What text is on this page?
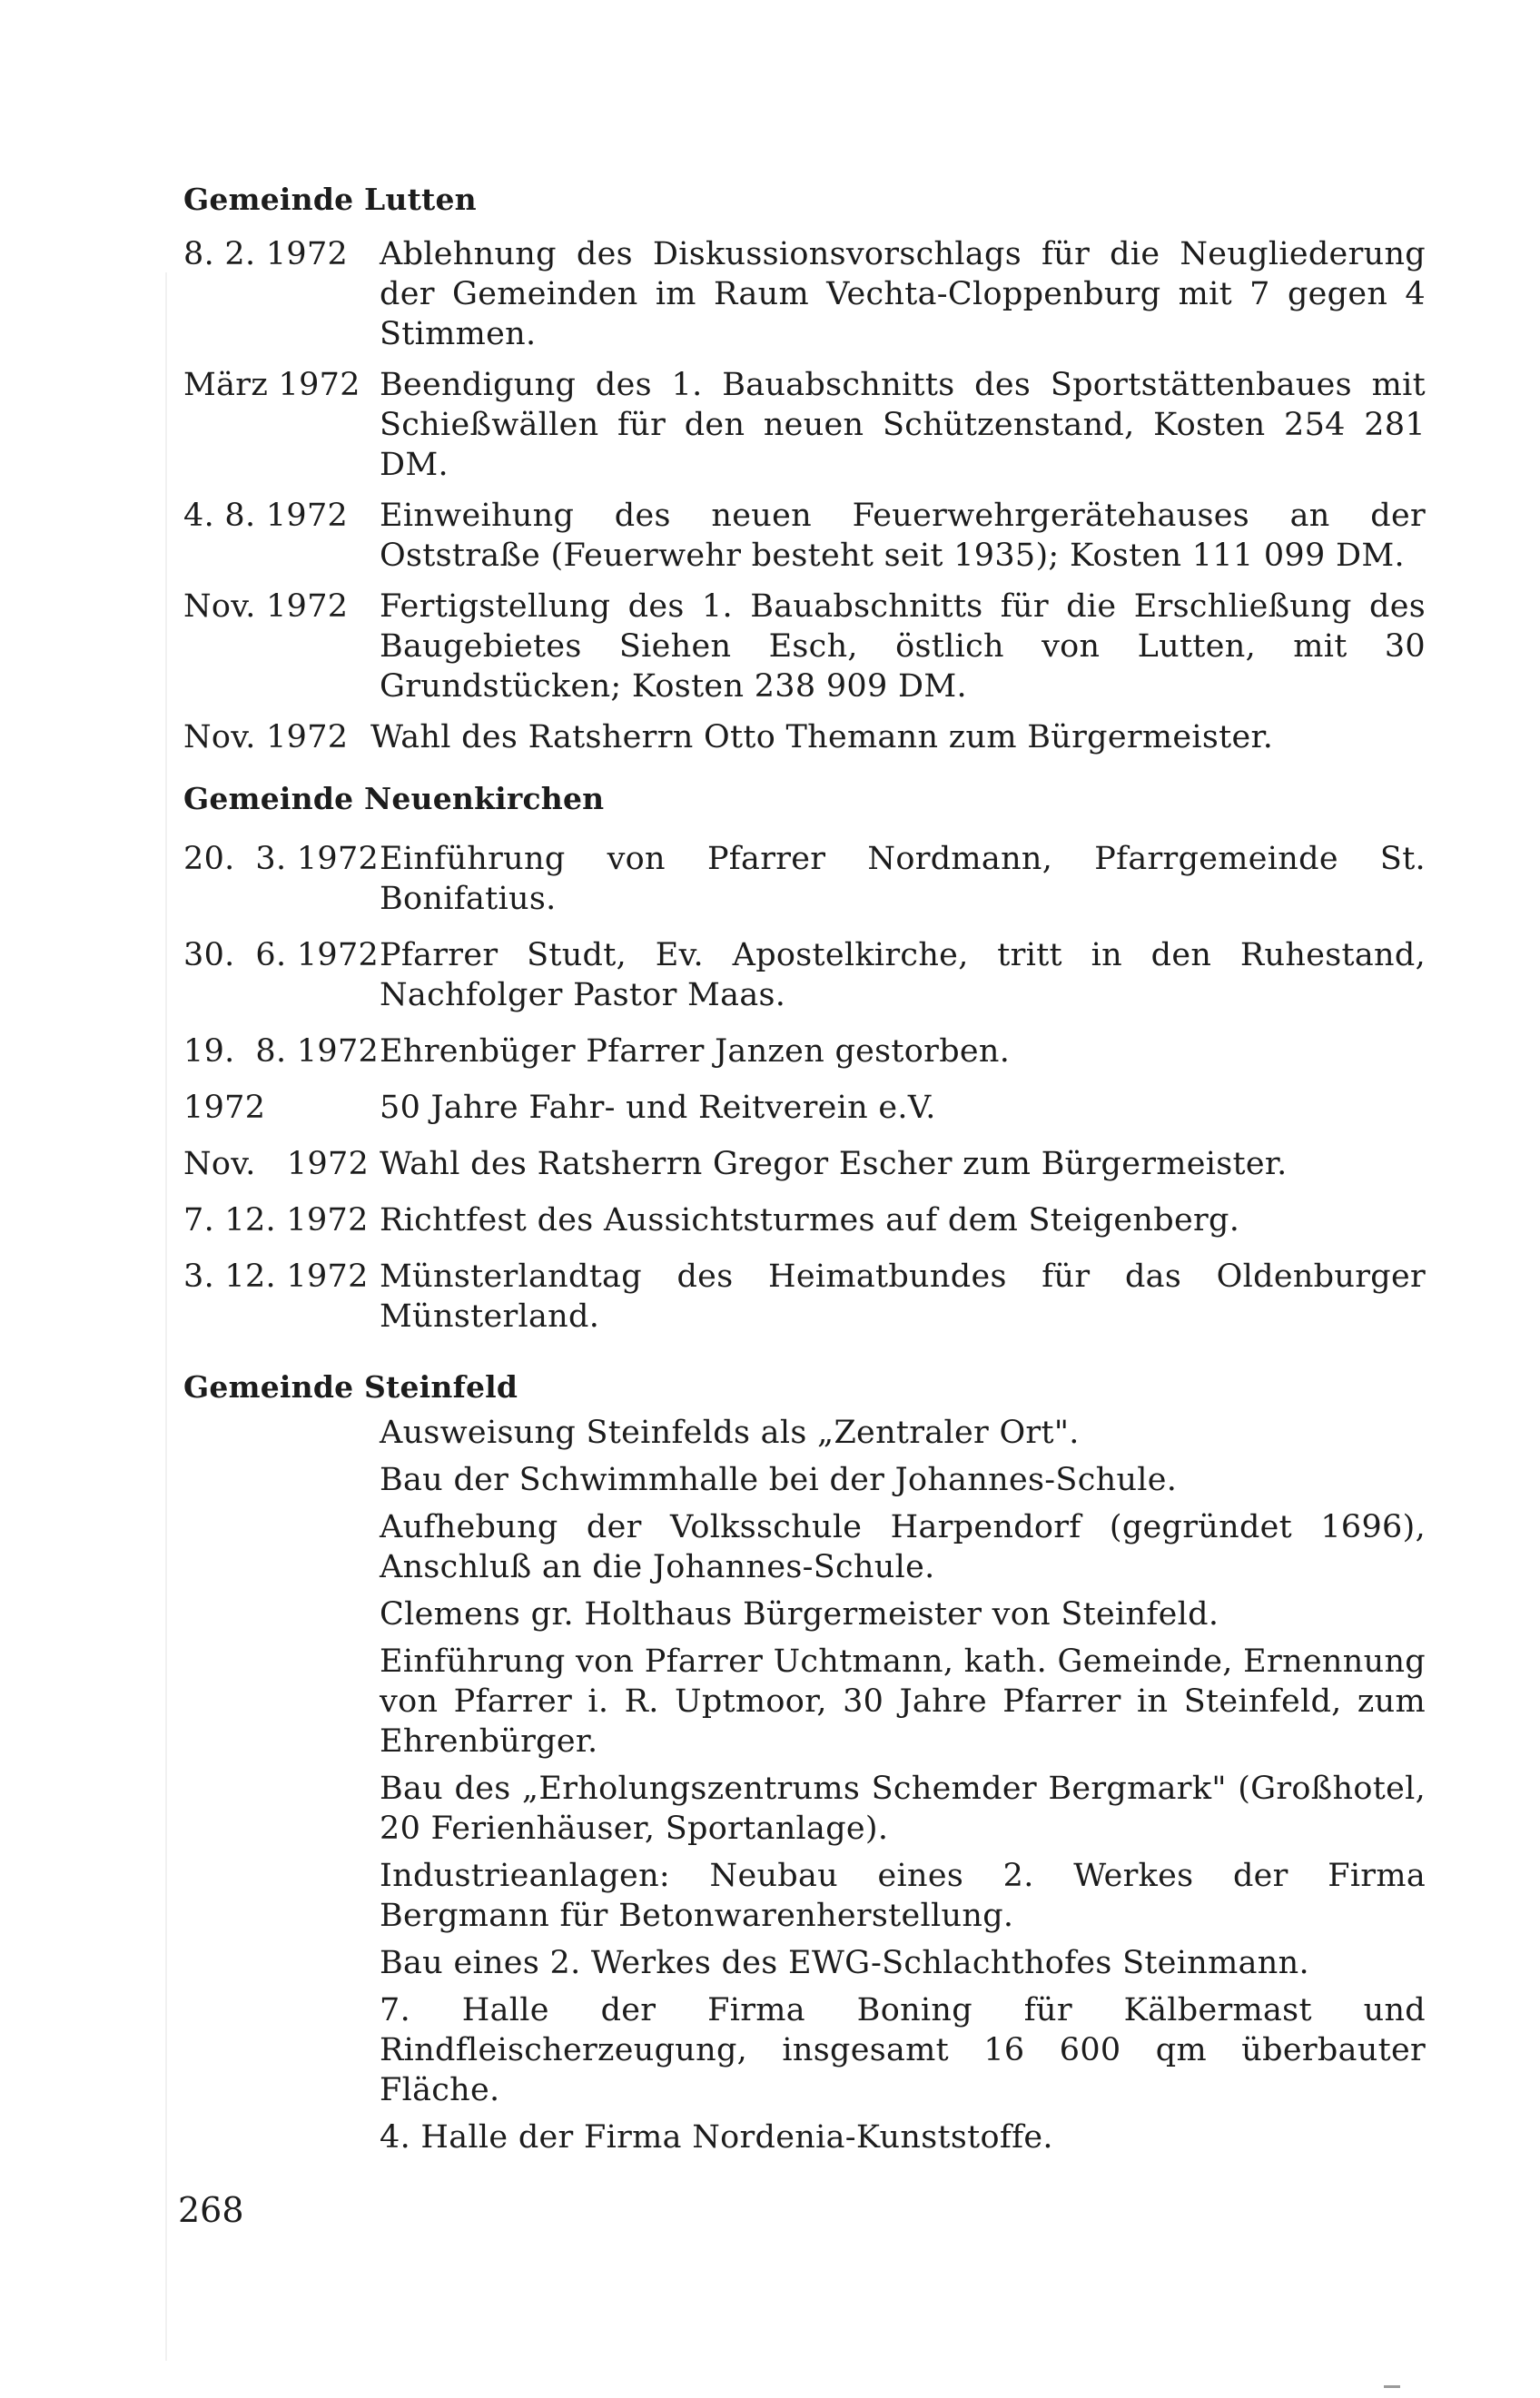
Gemeinde Lutten
8. 2. 1972 Ablehnung des Diskussionsvorschlags für die Neugliederung der Gemeinden im Raum Vechta-Cloppenburg mit 7 gegen 4 Stimmen.
März 1972 Beendigung des 1. Bauabschnitts des Sportstättenbaues mit Schießwällen für den neuen Schützenstand, Kosten 254 281 DM.
4. 8. 1972 Einweihung des neuen Feuerwehrgerätehauses an der Oststraße (Feuerwehr besteht seit 1935); Kosten 111 099 DM.
Nov. 1972 Fertigstellung des 1. Bauabschnitts für die Erschließung des Baugebietes Siehen Esch, östlich von Lutten, mit 30 Grundstücken; Kosten 238 909 DM.
Nov. 1972 Wahl des Ratsherrn Otto Themann zum Bürgermeister.
Gemeinde Neuenkirchen
20.  3. 1972 Einführung von Pfarrer Nordmann, Pfarrgemeinde St. Bonifatius.
30.  6. 1972 Pfarrer Studt, Ev. Apostelkirche, tritt in den Ruhestand, Nachfolger Pastor Maas.
19.  8. 1972 Ehrenbüger Pfarrer Janzen gestorben.
1972	50 Jahre Fahr- und Reitverein e.V.
Nov.   1972 Wahl des Ratsherrn Gregor Escher zum Bürgermeister.
7. 12. 1972 Richtfest des Aussichtsturmes auf dem Steigenberg.
3. 12. 1972 Münsterlandtag des Heimatbundes für das Oldenburger Münsterland.
Gemeinde Steinfeld
Ausweisung Steinfelds als „Zentraler Ort".
Bau der Schwimmhalle bei der Johannes-Schule.
Aufhebung der Volksschule Harpendorf (gegründet 1696), Anschluß an die Johannes-Schule.
Clemens gr. Holthaus Bürgermeister von Steinfeld.
Einführung von Pfarrer Uchtmann, kath. Gemeinde, Ernennung von Pfarrer i. R. Uptmoor, 30 Jahre Pfarrer in Steinfeld, zum Ehrenbürger.
Bau des „Erholungszentrums Schemder Bergmark" (Großhotel, 20 Ferienhäuser, Sportanlage).
Industrieanlagen: Neubau eines 2. Werkes der Firma Bergmann für Betonwarenherstellung.
Bau eines 2. Werkes des EWG-Schlachthofes Steinmann.
7. Halle der Firma Boning für Kälbermast und Rindfleischerzeugung, insgesamt 16 600 qm überbauter Fläche.
4. Halle der Firma Nordenia-Kunststoffe.
268
